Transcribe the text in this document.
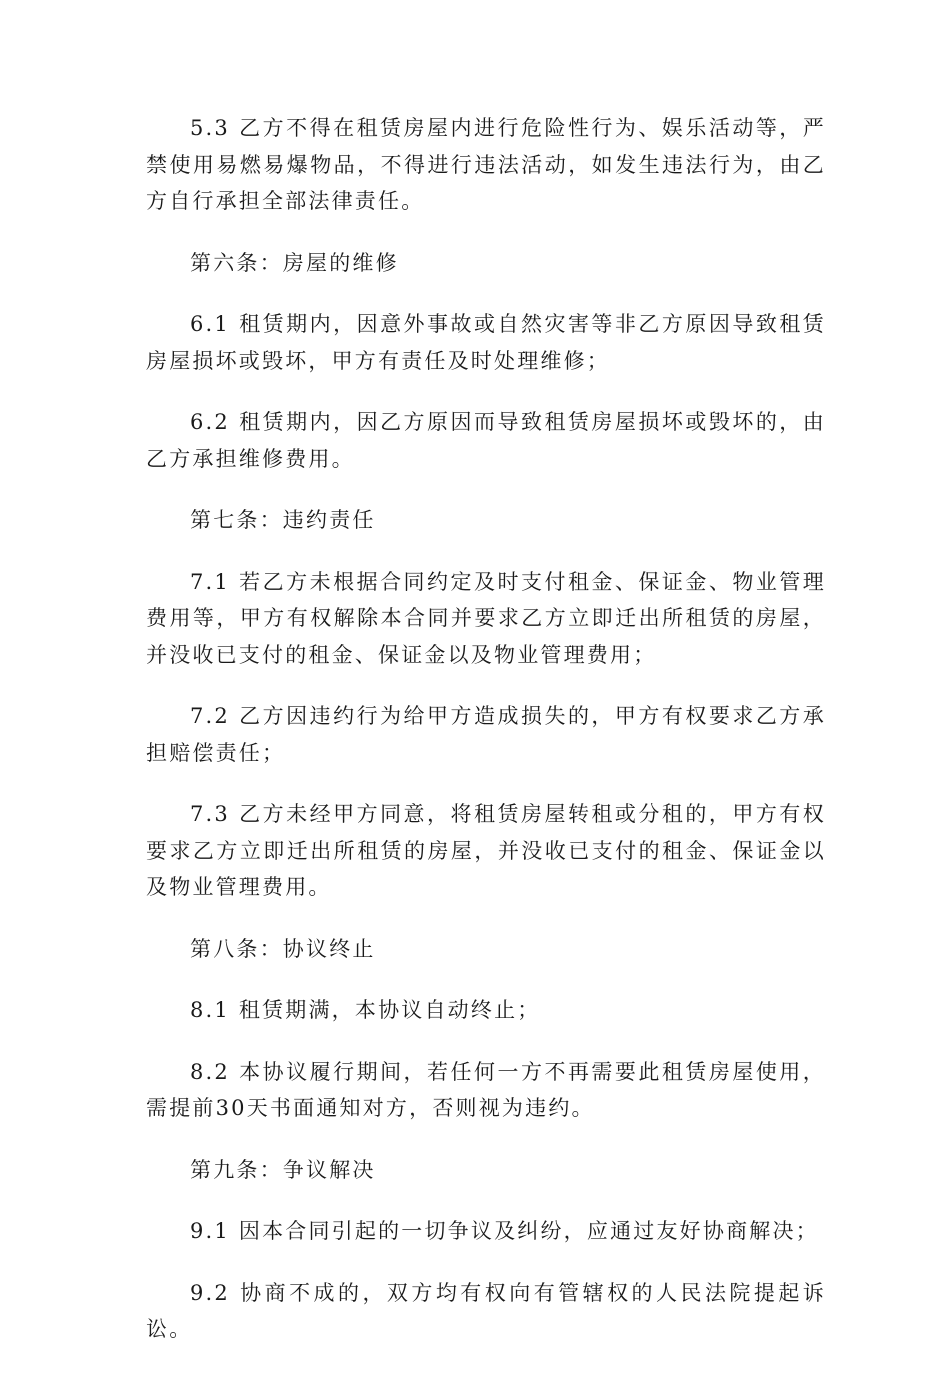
5.3 乙方不得在租赁房屋内进行危险性行为、娱乐活动等，严禁使用易燃易爆物品，不得进行违法活动，如发生违法行为，由乙方自行承担全部法律责任。

第六条：房屋的维修

6.1 租赁期内，因意外事故或自然灾害等非乙方原因导致租赁房屋损坏或毁坏，甲方有责任及时处理维修；

6.2 租赁期内，因乙方原因而导致租赁房屋损坏或毁坏的，由乙方承担维修费用。

第七条：违约责任

7.1 若乙方未根据合同约定及时支付租金、保证金、物业管理费用等，甲方有权解除本合同并要求乙方立即迁出所租赁的房屋，并没收已支付的租金、保证金以及物业管理费用；

7.2 乙方因违约行为给甲方造成损失的，甲方有权要求乙方承担赔偿责任；

7.3 乙方未经甲方同意，将租赁房屋转租或分租的，甲方有权要求乙方立即迁出所租赁的房屋，并没收已支付的租金、保证金以及物业管理费用。

第八条：协议终止

8.1 租赁期满，本协议自动终止；

8.2 本协议履行期间，若任何一方不再需要此租赁房屋使用，需提前30天书面通知对方，否则视为违约。

第九条：争议解决

9.1 因本合同引起的一切争议及纠纷，应通过友好协商解决；

9.2 协商不成的，双方均有权向有管辖权的人民法院提起诉讼。
